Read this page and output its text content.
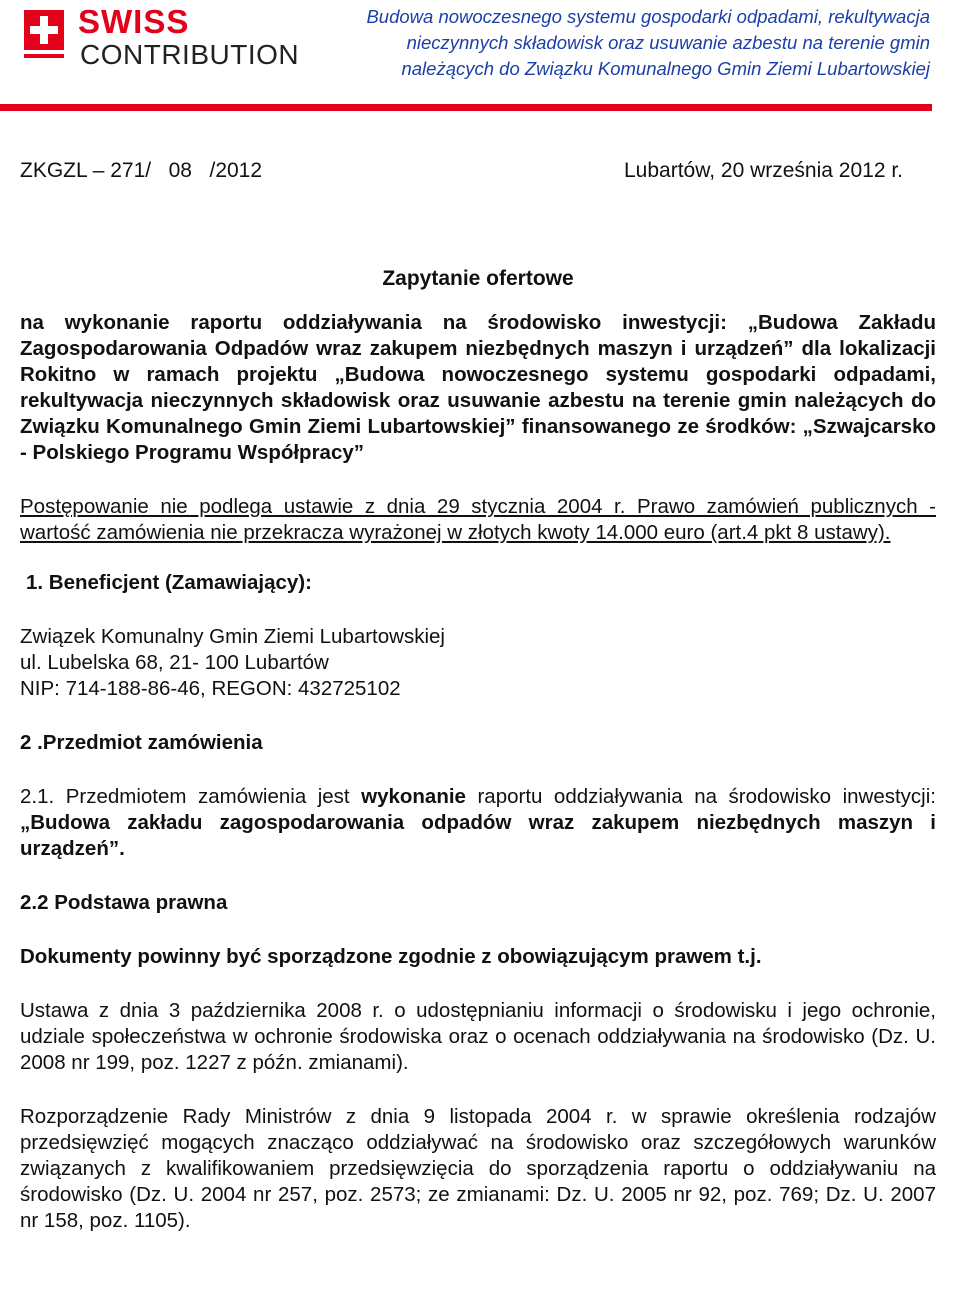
SWISS
CONTRIBUTION
Budowa nowoczesnego systemu gospodarki odpadami, rekultywacja
nieczynnych składowisk oraz usuwanie azbestu na terenie gmin
należących do Związku Komunalnego Gmin Ziemi Lubartowskiej
ZKGZL – 271/   08   /2012	Lubartów, 20 września 2012 r.
Zapytanie ofertowe

na wykonanie raportu oddziaływania na środowisko inwestycji: „Budowa Zakładu Zagospodarowania Odpadów wraz zakupem niezbędnych maszyn i urządzeń” dla lokalizacji Rokitno w ramach projektu „Budowa nowoczesnego systemu gospodarki odpadami, rekultywacja nieczynnych składowisk oraz usuwanie azbestu na terenie gmin należących do Związku Komunalnego Gmin Ziemi Lubartowskiej” finansowanego ze środków: „Szwajcarsko - Polskiego Programu Współpracy”

Postępowanie nie podlega ustawie z dnia 29 stycznia 2004 r. Prawo zamówień publicznych - wartość zamówienia nie przekracza wyrażonej w złotych kwoty 14.000 euro (art.4 pkt 8 ustawy).

1. Beneficjent (Zamawiający):

Związek Komunalny Gmin Ziemi Lubartowskiej

ul. Lubelska 68, 21- 100 Lubartów

NIP: 714-188-86-46, REGON: 432725102

2 .Przedmiot zamówienia

2.1. Przedmiotem zamówienia jest wykonanie raportu oddziaływania na środowisko inwestycji: „Budowa zakładu zagospodarowania odpadów wraz zakupem niezbędnych maszyn i urządzeń”.

2.2 Podstawa prawna

Dokumenty powinny być sporządzone zgodnie z obowiązującym prawem t.j.

Ustawa z dnia 3 października 2008 r. o udostępnianiu informacji o środowisku i jego ochronie, udziale społeczeństwa w ochronie środowiska oraz o ocenach oddziaływania na środowisko (Dz. U. 2008 nr 199, poz. 1227 z późn. zmianami).

Rozporządzenie Rady Ministrów z dnia 9 listopada 2004 r. w sprawie określenia rodzajów przedsięwzięć mogących znacząco oddziaływać na środowisko oraz szczegółowych warunków związanych z kwalifikowaniem przedsięwzięcia do sporządzenia raportu o oddziaływaniu na środowisko (Dz. U. 2004 nr 257, poz. 2573; ze zmianami: Dz. U. 2005 nr 92, poz. 769; Dz. U. 2007 nr 158, poz. 1105).
